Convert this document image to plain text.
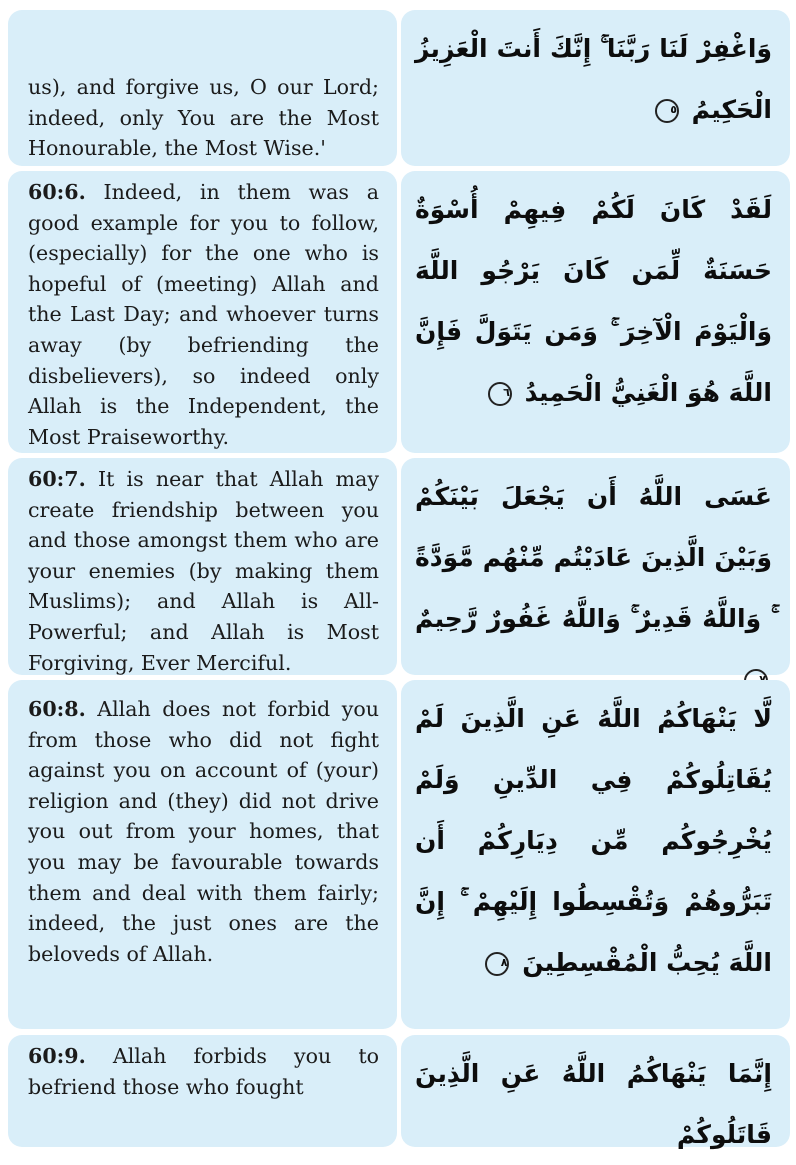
us), and forgive us, O our Lord; indeed, only You are the Most Honourable, the Most Wise.'
وَاغْفِرْ لَنَا رَبَّنَا ۚ إِنَّكَ أَنتَ الْعَزِيزُ الْحَكِيمُ ٥
60:6. Indeed, in them was a good example for you to follow, (especially) for the one who is hopeful of (meeting) Allah and the Last Day; and whoever turns away (by befriending the disbelievers), so indeed only Allah is the Independent, the Most Praiseworthy.
لَقَدْ كَانَ لَكُمْ فِيهِمْ أُسْوَةٌ حَسَنَةٌ لِّمَن كَانَ يَرْجُو اللَّهَ وَالْيَوْمَ الْآخِرَ ۚ وَمَن يَتَوَلَّ فَإِنَّ اللَّهَ هُوَ الْغَنِيُّ الْحَمِيدُ ٦
60:7. It is near that Allah may create friendship between you and those amongst them who are your enemies (by making them Muslims); and Allah is All-Powerful; and Allah is Most Forgiving, Ever Merciful.
عَسَى اللَّهُ أَن يَجْعَلَ بَيْنَكُمْ وَبَيْنَ الَّذِينَ عَادَيْتُم مِّنْهُم مَّوَدَّةً ۚ وَاللَّهُ قَدِيرٌ ۚ وَاللَّهُ غَفُورٌ رَّحِيمٌ
60:8. Allah does not forbid you from those who did not fight against you on account of (your) religion and (they) did not drive you out from your homes, that you may be favourable towards them and deal with them fairly; indeed, the just ones are the beloveds of Allah.
لَّا يَنْهَاكُمُ اللَّهُ عَنِ الَّذِينَ لَمْ يُقَاتِلُوكُمْ فِي الدِّينِ وَلَمْ يُخْرِجُوكُم مِّن دِيَارِكُمْ أَن تَبَرُّوهُمْ وَتُقْسِطُوا إِلَيْهِمْ ۚ إِنَّ اللَّهَ يُحِبُّ الْمُقْسِطِينَ ٨
60:9. Allah forbids you to befriend those who fought	إِنَّمَا يَنْهَاكُمُ اللَّهُ عَنِ الَّذِينَ قَاتَلُوكُمْ
